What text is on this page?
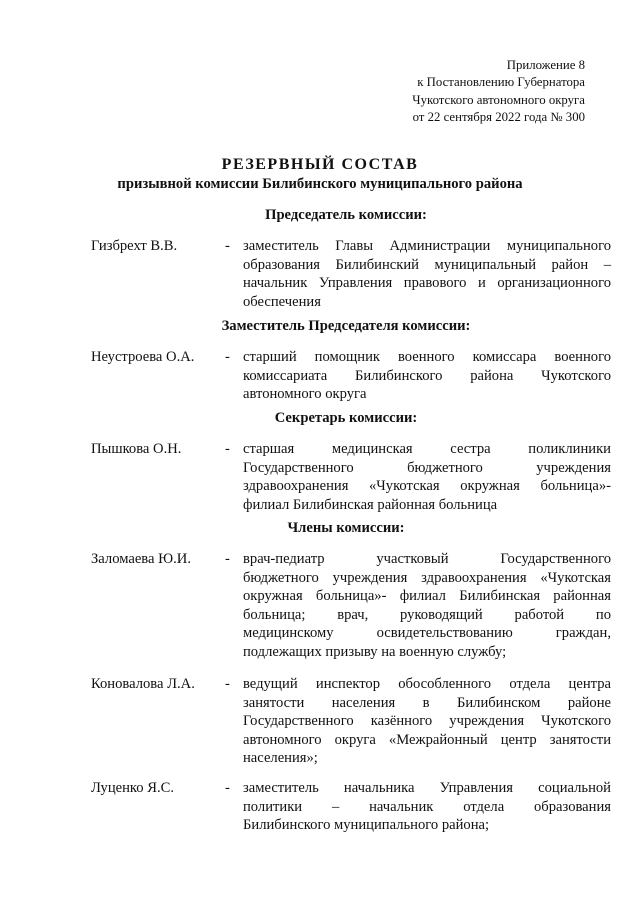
Приложение 8
к Постановлению Губернатора
Чукотского автономного округа
от 22 сентября 2022 года № 300
РЕЗЕРВНЫЙ СОСТАВ
призывной комиссии Билибинского муниципального района
Председатель комиссии:
Гизбрехт В.В.	- заместитель Главы Администрации муниципального
образования Билибинский муниципальный район –
начальник Управления правового и организационного
обеспечения
Заместитель Председателя комиссии:
Неустроева О.А. - старший помощник военного комиссара военного
комиссариата Билибинского района Чукотского
автономного округа
Секретарь комиссии:
Пышкова О.Н.	- старшая медицинская сестра поликлиники
Государственного бюджетного учреждения
здравоохранения «Чукотская окружная больница»-
филиал Билибинская районная больница
Члены комиссии:
Заломаева Ю.И. - врач-педиатр участковый Государственного
бюджетного учреждения здравоохранения «Чукотская
окружная больница»- филиал Билибинская районная
больница; врач, руководящий работой по
медицинскому освидетельствованию граждан,
подлежащих призыву на военную службу;
Коновалова Л.А. - ведущий инспектор обособленного отдела центра
занятости населения в Билибинском районе
Государственного казённого учреждения Чукотского
автономного округа «Межрайонный центр занятости
населения»;
Луценко Я.С.	- заместитель начальника Управления социальной
политики – начальник отдела образования
Билибинского муниципального района;
